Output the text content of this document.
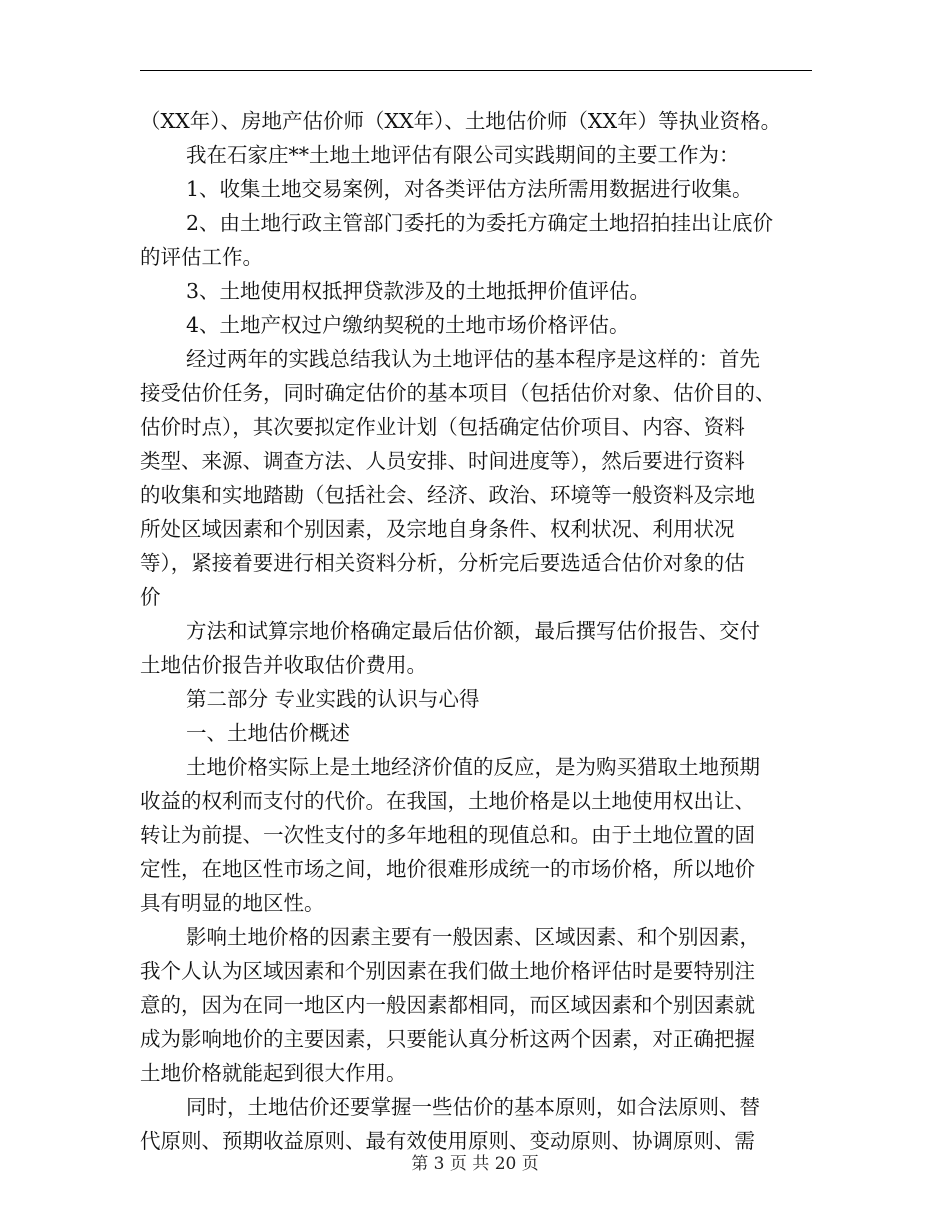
（XX年）、房地产估价师（XX年）、土地估价师（XX年）等执业资格。
我在石家庄**土地土地评估有限公司实践期间的主要工作为：
1、收集土地交易案例，对各类评估方法所需用数据进行收集。
2、由土地行政主管部门委托的为委托方确定土地招拍挂出让底价
的评估工作。
3、土地使用权抵押贷款涉及的土地抵押价值评估。
4、土地产权过户缴纳契税的土地市场价格评估。
经过两年的实践总结我认为土地评估的基本程序是这样的：首先
接受估价任务，同时确定估价的基本项目（包括估价对象、估价目的、
估价时点），其次要拟定作业计划（包括确定估价项目、内容、资料
类型、来源、调查方法、人员安排、时间进度等），然后要进行资料
的收集和实地踏勘（包括社会、经济、政治、环境等一般资料及宗地
所处区域因素和个别因素，及宗地自身条件、权利状况、利用状况
等），紧接着要进行相关资料分析，分析完后要选适合估价对象的估
价
方法和试算宗地价格确定最后估价额，最后撰写估价报告、交付
土地估价报告并收取估价费用。
第二部分 专业实践的认识与心得
一、土地估价概述
土地价格实际上是土地经济价值的反应，是为购买猎取土地预期
收益的权利而支付的代价。在我国，土地价格是以土地使用权出让、
转让为前提、一次性支付的多年地租的现值总和。由于土地位置的固
定性，在地区性市场之间，地价很难形成统一的市场价格，所以地价
具有明显的地区性。
影响土地价格的因素主要有一般因素、区域因素、和个别因素，
我个人认为区域因素和个别因素在我们做土地价格评估时是要特别注
意的，因为在同一地区内一般因素都相同，而区域因素和个别因素就
成为影响地价的主要因素，只要能认真分析这两个因素，对正确把握
土地价格就能起到很大作用。
同时，土地估价还要掌握一些估价的基本原则，如合法原则、替
代原则、预期收益原则、最有效使用原则、变动原则、协调原则、需
第 3 页 共 20 页
